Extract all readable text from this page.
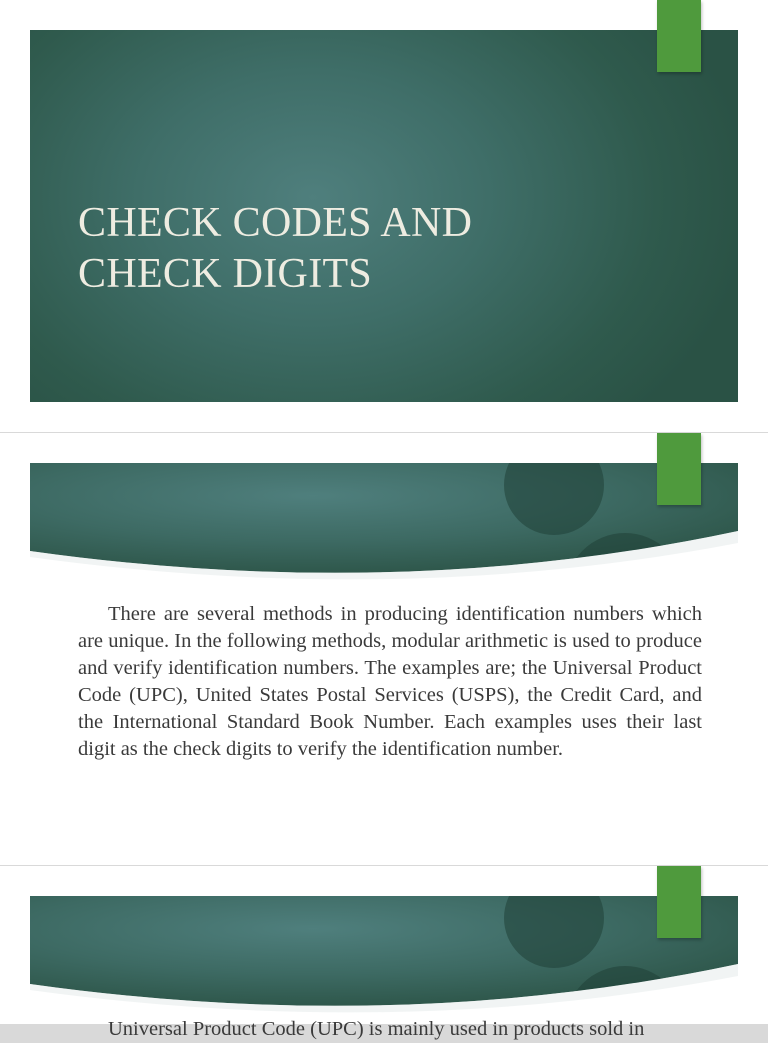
CHECK CODES AND
CHECK DIGITS

There are several methods in producing identification numbers which are unique. In the following methods, modular arithmetic is used to produce and verify identification numbers. The examples are; the Universal Product Code (UPC), United States Postal Services (USPS), the Credit Card, and the International Standard Book Number. Each examples uses their last digit as the check digits to verify the identification number.

Universal Product Code (UPC) is mainly used in products sold in
